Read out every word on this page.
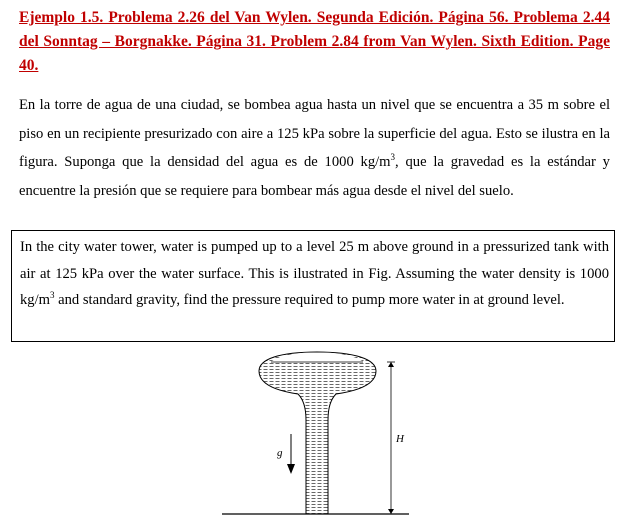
Ejemplo 1.5. Problema 2.26 del Van Wylen. Segunda Edición. Página 56. Problema 2.44 del Sonntag – Borgnakke. Página 31. Problem 2.84 from Van Wylen. Sixth Edition. Page 40.
En la torre de agua de una ciudad, se bombea agua hasta un nivel que se encuentra a 35 m sobre el piso en un recipiente presurizado con aire a 125 kPa sobre la superficie del agua. Esto se ilustra en la figura. Suponga que la densidad del agua es de 1000 $kg/m^3$, que la gravedad es la estándar y encuentre la presión que se requiere para bombear más agua desde el nivel del suelo.
In the city water tower, water is pumped up to a level 25 m above ground in a pressurized tank with air at 125 kPa over the water surface. This is ilustrated in Fig. Assuming the water density is 1000 $kg/m^3$ and standard gravity, find the pressure required to pump more water in at ground level.
g
H
